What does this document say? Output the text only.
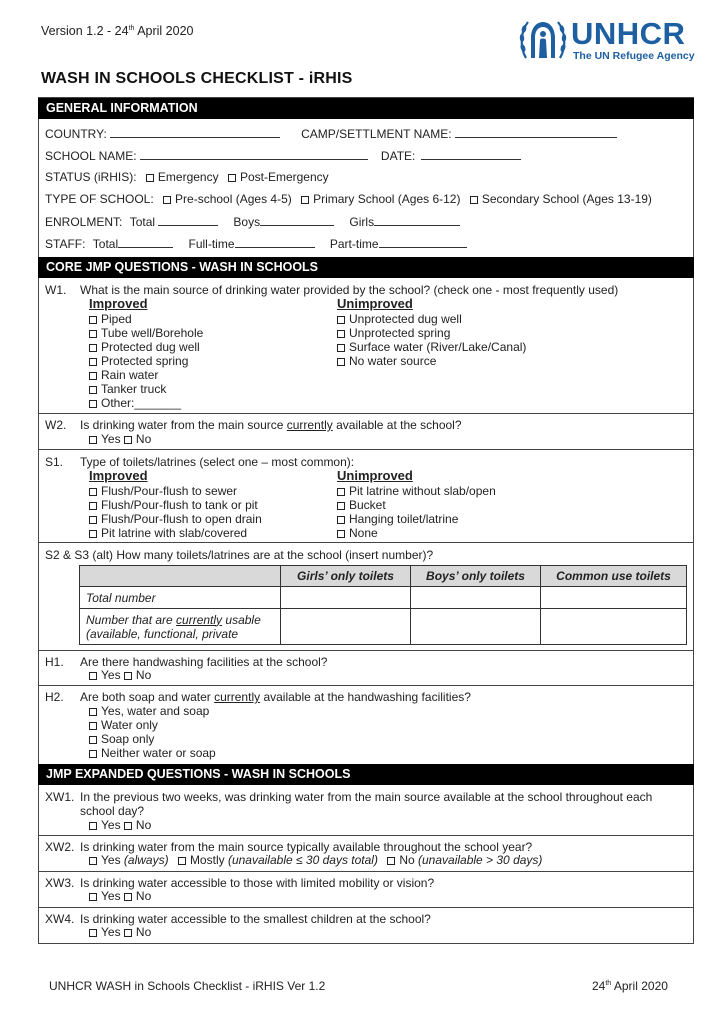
Version 1.2 - 24th April 2020	UNHCR
The UN Refugee Agency
WASH IN SCHOOLS CHECKLIST - iRHIS
GENERAL INFORMATION
COUNTRY:	CAMP/SETTLMENT NAME:
SCHOOL NAME:	DATE:
STATUS (iRHIS): Emergency Post-Emergency
TYPE OF SCHOOL: Pre-school (Ages 4-5) Primary School (Ages 6-12) Secondary School (Ages 13-19)
ENROLMENT: Total	Boys	Girls
STAFF: Total	Full-time	Part-time
CORE JMP QUESTIONS - WASH IN SCHOOLS
W1. What is the main source of drinking water provided by the school? (check one - most frequently used)
Improved	Unimproved
Piped
Tube well/Borehole
Protected dug well
Protected spring
Rain water
Tanker truck
Other:_______
Unprotected dug well
Unprotected spring
Surface water (River/Lake/Canal)
No water source
W2. Is drinking water from the main source currently available at the school?
Yes No
S1. Type of toilets/latrines (select one – most common):
Improved	Unimproved
Flush/Pour-flush to sewer
Flush/Pour-flush to tank or pit
Flush/Pour-flush to open drain
Pit latrine with slab/covered
Pit latrine without slab/open
Bucket
Hanging toilet/latrine
None
S2 & S3 (alt) How many toilets/latrines are at the school (insert number)?
	Girls’ only toilets	Boys’ only toilets	Common use toilets
Total number			
Number that are currently usable
(available, functional, private			
H1. Are there handwashing facilities at the school?
Yes No
H2. Are both soap and water currently available at the handwashing facilities?
Yes, water and soap
Water only
Soap only
Neither water or soap
JMP EXPANDED QUESTIONS - WASH IN SCHOOLS
XW1. In the previous two weeks, was drinking water from the main source available at the school throughout each
school day?
Yes No
XW2. Is drinking water from the main source typically available throughout the school year?
Yes (always) Mostly (unavailable ≤ 30 days total) No (unavailable > 30 days)
XW3. Is drinking water accessible to those with limited mobility or vision?
Yes No
XW4. Is drinking water accessible to the smallest children at the school?
Yes No
UNHCR WASH in Schools Checklist - iRHIS Ver 1.2	24th April 2020
